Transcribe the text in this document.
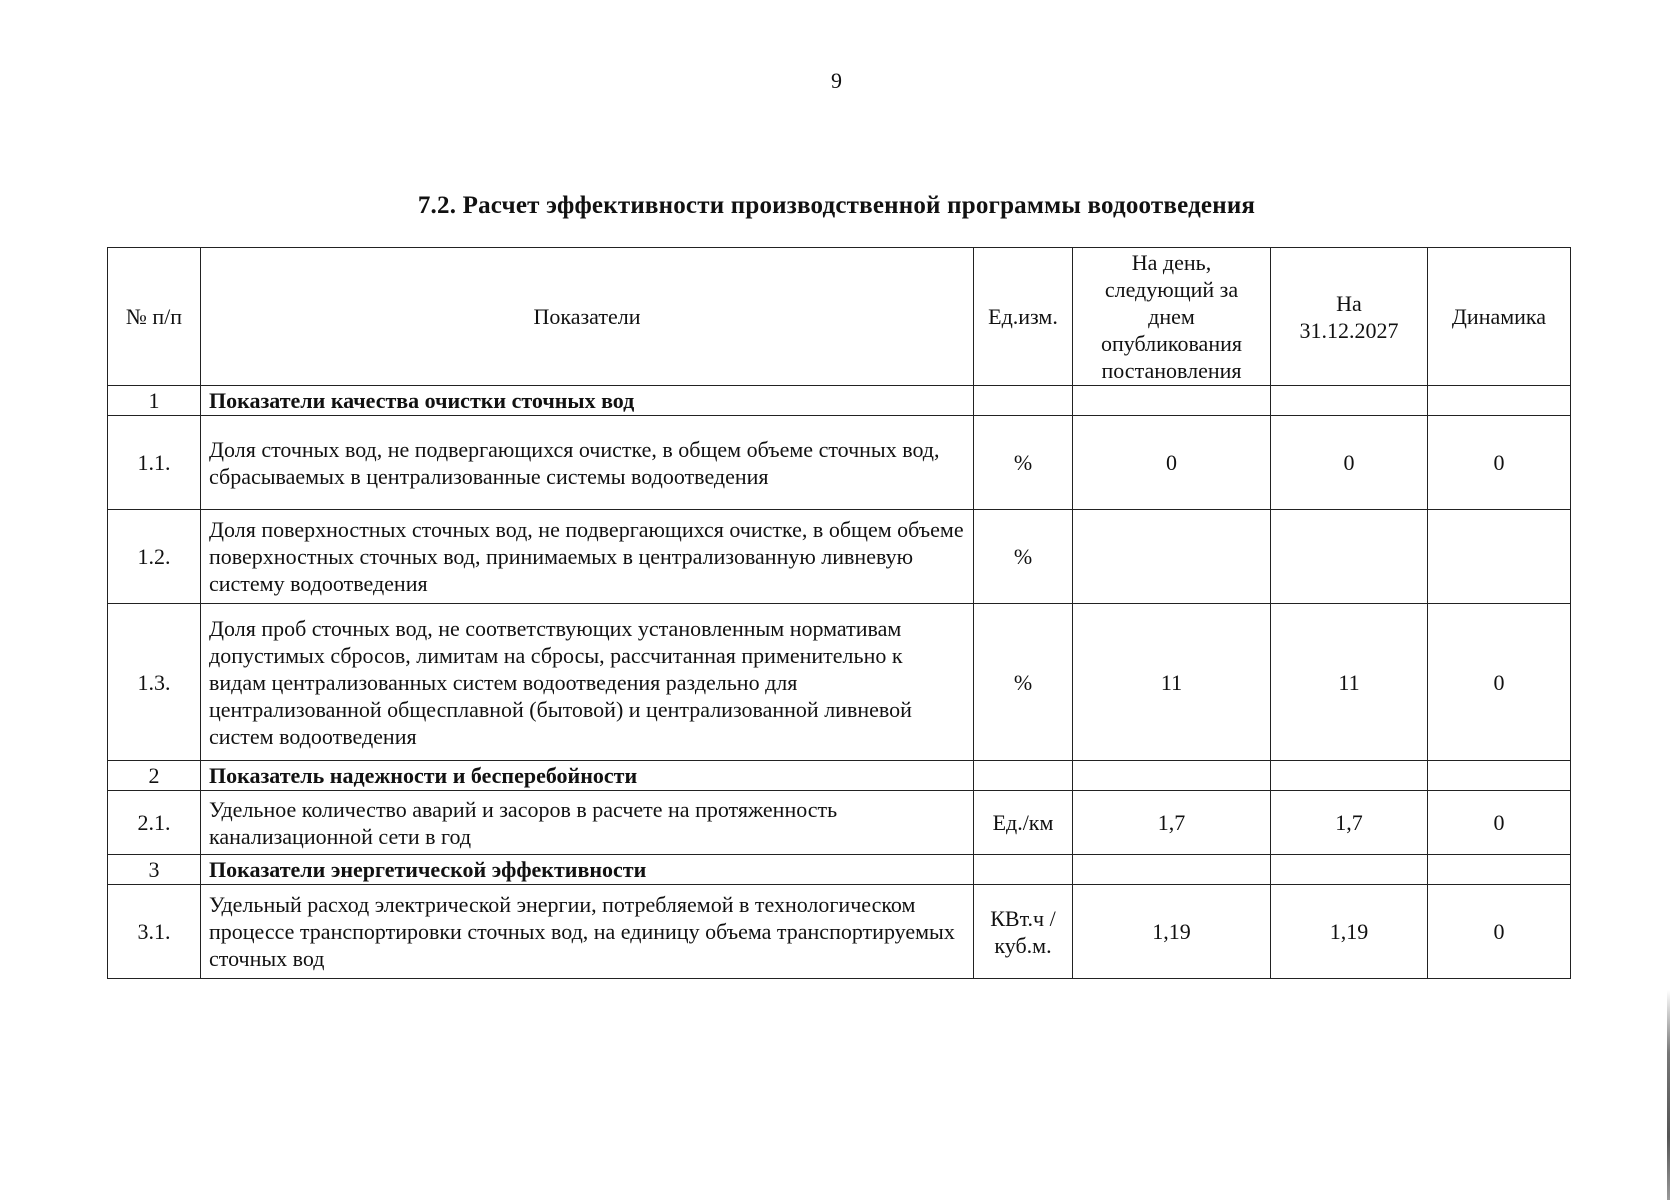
9
7.2. Расчет эффективности производственной программы водоотведения
№ п/п	Показатели	Ед.изм.	На день, следующий за днем опубликования постановления	На 31.12.2027	Динамика
1	Показатели качества очистки сточных вод				
1.1.	Доля сточных вод, не подвергающихся очистке, в общем объеме сточных вод, сбрасываемых в централизованные системы водоотведения	%	0	0	0
1.2.	Доля поверхностных сточных вод, не подвергающихся очистке, в общем объеме поверхностных сточных вод, принимаемых в централизованную ливневую систему водоотведения	%			
1.3.	Доля проб сточных вод, не соответствующих установленным нормативам допустимых сбросов, лимитам на сбросы, рассчитанная применительно к видам централизованных систем водоотведения раздельно для централизованной общесплавной (бытовой) и централизованной ливневой систем водоотведения	%	11	11	0
2	Показатель надежности и бесперебойности				
2.1.	Удельное количество аварий и засоров в расчете на протяженность канализационной сети в год	Ед./км	1,7	1,7	0
3	Показатели энергетической эффективности				
3.1.	Удельный расход электрической энергии, потребляемой в технологическом процессе транспортировки сточных вод, на единицу объема транспортируемых сточных вод	КВт.ч / куб.м.	1,19	1,19	0
